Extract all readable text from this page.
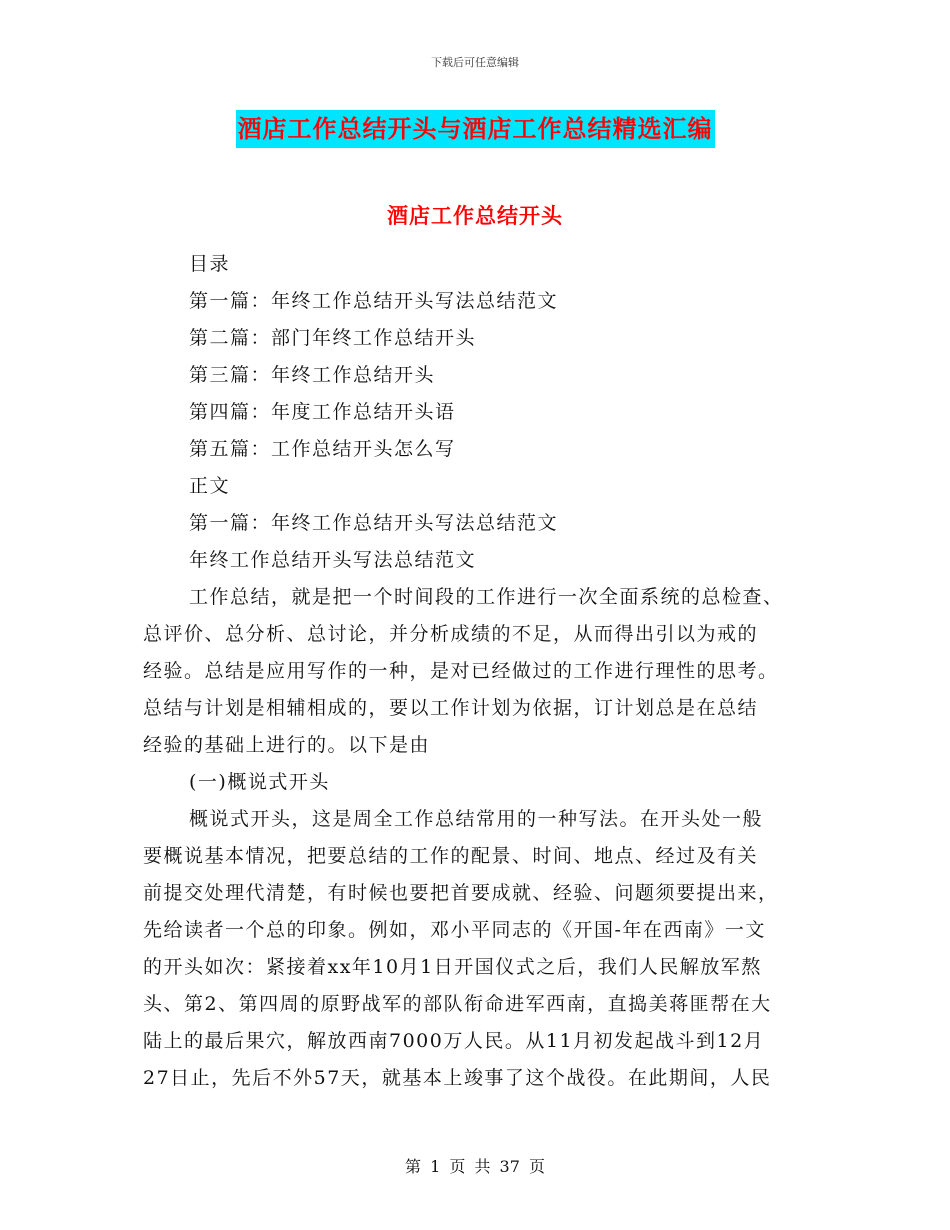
下载后可任意编辑
酒店工作总结开头与酒店工作总结精选汇编
酒店工作总结开头
目录
第一篇：年终工作总结开头写法总结范文
第二篇：部门年终工作总结开头
第三篇：年终工作总结开头
第四篇：年度工作总结开头语
第五篇：工作总结开头怎么写
正文
第一篇：年终工作总结开头写法总结范文
年终工作总结开头写法总结范文
工作总结，就是把一个时间段的工作进行一次全面系统的总检查、
总评价、总分析、总讨论，并分析成绩的不足，从而得出引以为戒的
经验。总结是应用写作的一种，是对已经做过的工作进行理性的思考。
总结与计划是相辅相成的，要以工作计划为依据，订计划总是在总结
经验的基础上进行的。以下是由
(一)概说式开头
概说式开头，这是周全工作总结常用的一种写法。在开头处一般
要概说基本情况，把要总结的工作的配景、时间、地点、经过及有关
前提交处理代清楚，有时候也要把首要成就、经验、问题须要提出来，
先给读者一个总的印象。例如，邓小平同志的《开国-年在西南》一文
的开头如次：紧接着xx年10月1日开国仪式之后，我们人民解放军熬
头、第2、第四周的原野战军的部队衔命进军西南，直捣美蒋匪帮在大
陆上的最后果穴，解放西南7000万人民。从11月初发起战斗到12月
27日止，先后不外57天，就基本上竣事了这个战役。在此期间，人民
第 1 页 共 37 页
